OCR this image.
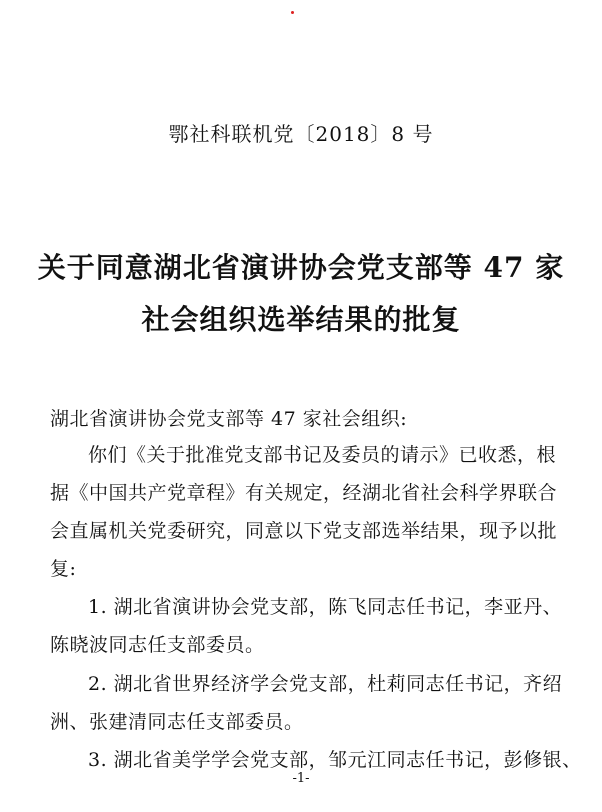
鄂社科联机党〔2018〕8 号
关于同意湖北省演讲协会党支部等 47 家
社会组织选举结果的批复
湖北省演讲协会党支部等 47 家社会组织:
你们《关于批准党支部书记及委员的请示》已收悉，根
据《中国共产党章程》有关规定，经湖北省社会科学界联合
会直属机关党委研究，同意以下党支部选举结果，现予以批
复:
1. 湖北省演讲协会党支部，陈飞同志任书记，李亚丹、
陈晓波同志任支部委员。
2. 湖北省世界经济学会党支部，杜莉同志任书记，齐绍
洲、张建清同志任支部委员。
3. 湖北省美学学会党支部，邹元江同志任书记，彭修银、
-1-
